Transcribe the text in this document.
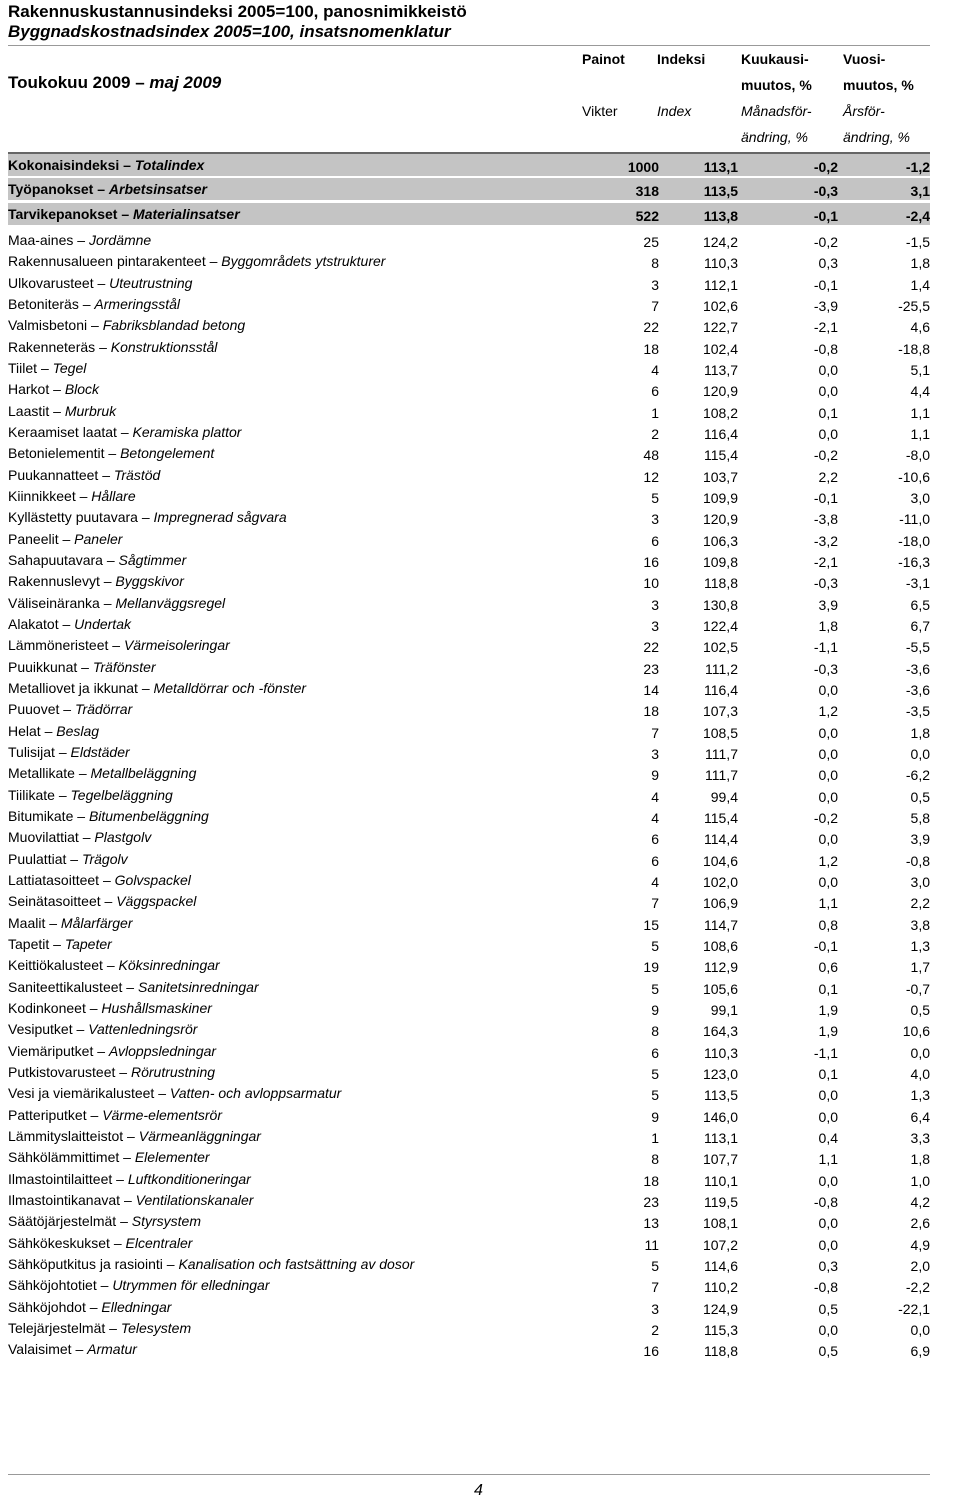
Rakennuskustannusindeksi 2005=100, panosnimikkeistö
Byggnadskostnadsindex 2005=100, insatsnomenklatur
Toukokuu 2009 – maj 2009
Painot
Vikter
Indeksi
Index
Kuukausi-
muutos, %
Månadsför-
ändring, %
Vuosi-
muutos, %
Årsför-
ändring, %
Kokonaisindeksi – Totalindex	1000	113,1	-0,2	-1,2
Työpanokset – Arbetsinsatser	318	113,5	-0,3	3,1
Tarvikepanokset – Materialinsatser	522	113,8	-0,1	-2,4
Maa-aines – Jordämne	25	124,2	-0,2	-1,5
Rakennusalueen pintarakenteet – Byggområdets ytstrukturer	8	110,3	0,3	1,8
Ulkovarusteet – Uteutrustning	3	112,1	-0,1	1,4
Betoniteräs – Armeringsstål	7	102,6	-3,9	-25,5
Valmisbetoni – Fabriksblandad betong	22	122,7	-2,1	4,6
Rakenneteräs – Konstruktionsstål	18	102,4	-0,8	-18,8
Tiilet – Tegel	4	113,7	0,0	5,1
Harkot – Block	6	120,9	0,0	4,4
Laastit – Murbruk	1	108,2	0,1	1,1
Keraamiset laatat – Keramiska plattor	2	116,4	0,0	1,1
Betonielementit – Betongelement	48	115,4	-0,2	-8,0
Puukannatteet – Trästöd	12	103,7	2,2	-10,6
Kiinnikkeet – Hållare	5	109,9	-0,1	3,0
Kyllästetty puutavara – Impregnerad sågvara	3	120,9	-3,8	-11,0
Paneelit – Paneler	6	106,3	-3,2	-18,0
Sahapuutavara – Sågtimmer	16	109,8	-2,1	-16,3
Rakennuslevyt – Byggskivor	10	118,8	-0,3	-3,1
Väliseinäranka – Mellanväggsregel	3	130,8	3,9	6,5
Alakatot – Undertak	3	122,4	1,8	6,7
Lämmöneristeet – Värmeisoleringar	22	102,5	-1,1	-5,5
Puuikkunat – Träfönster	23	111,2	-0,3	-3,6
Metalliovet ja ikkunat – Metalldörrar och -fönster	14	116,4	0,0	-3,6
Puuovet – Trädörrar	18	107,3	1,2	-3,5
Helat – Beslag	7	108,5	0,0	1,8
Tulisijat – Eldstäder	3	111,7	0,0	0,0
Metallikate – Metallbeläggning	9	111,7	0,0	-6,2
Tiilikate – Tegelbeläggning	4	99,4	0,0	0,5
Bitumikate – Bitumenbeläggning	4	115,4	-0,2	5,8
Muovilattiat – Plastgolv	6	114,4	0,0	3,9
Puulattiat – Trägolv	6	104,6	1,2	-0,8
Lattiatasoitteet – Golvspackel	4	102,0	0,0	3,0
Seinätasoitteet – Väggspackel	7	106,9	1,1	2,2
Maalit – Målarfärger	15	114,7	0,8	3,8
Tapetit – Tapeter	5	108,6	-0,1	1,3
Keittiökalusteet – Köksinredningar	19	112,9	0,6	1,7
Saniteettikalusteet – Sanitetsinredningar	5	105,6	0,1	-0,7
Kodinkoneet – Hushållsmaskiner	9	99,1	1,9	0,5
Vesiputket – Vattenledningsrör	8	164,3	1,9	10,6
Viemäriputket – Avloppsledningar	6	110,3	-1,1	0,0
Putkistovarusteet – Rörutrustning	5	123,0	0,1	4,0
Vesi ja viemärikalusteet – Vatten- och avloppsarmatur	5	113,5	0,0	1,3
Patteriputket – Värme-elementsrör	9	146,0	0,0	6,4
Lämmityslaitteistot – Värmeanläggningar	1	113,1	0,4	3,3
Sähkölämmittimet – Elelementer	8	107,7	1,1	1,8
Ilmastointilaitteet – Luftkonditioneringar	18	110,1	0,0	1,0
Ilmastointikanavat – Ventilationskanaler	23	119,5	-0,8	4,2
Säätöjärjestelmät – Styrsystem	13	108,1	0,0	2,6
Sähkökeskukset – Elcentraler	11	107,2	0,0	4,9
Sähköputkitus ja rasiointi – Kanalisation och fastsättning av dosor	5	114,6	0,3	2,0
Sähköjohtotiet – Utrymmen för elledningar	7	110,2	-0,8	-2,2
Sähköjohdot – Elledningar	3	124,9	0,5	-22,1
Telejärjestelmät – Telesystem	2	115,3	0,0	0,0
Valaisimet – Armatur	16	118,8	0,5	6,9
4
